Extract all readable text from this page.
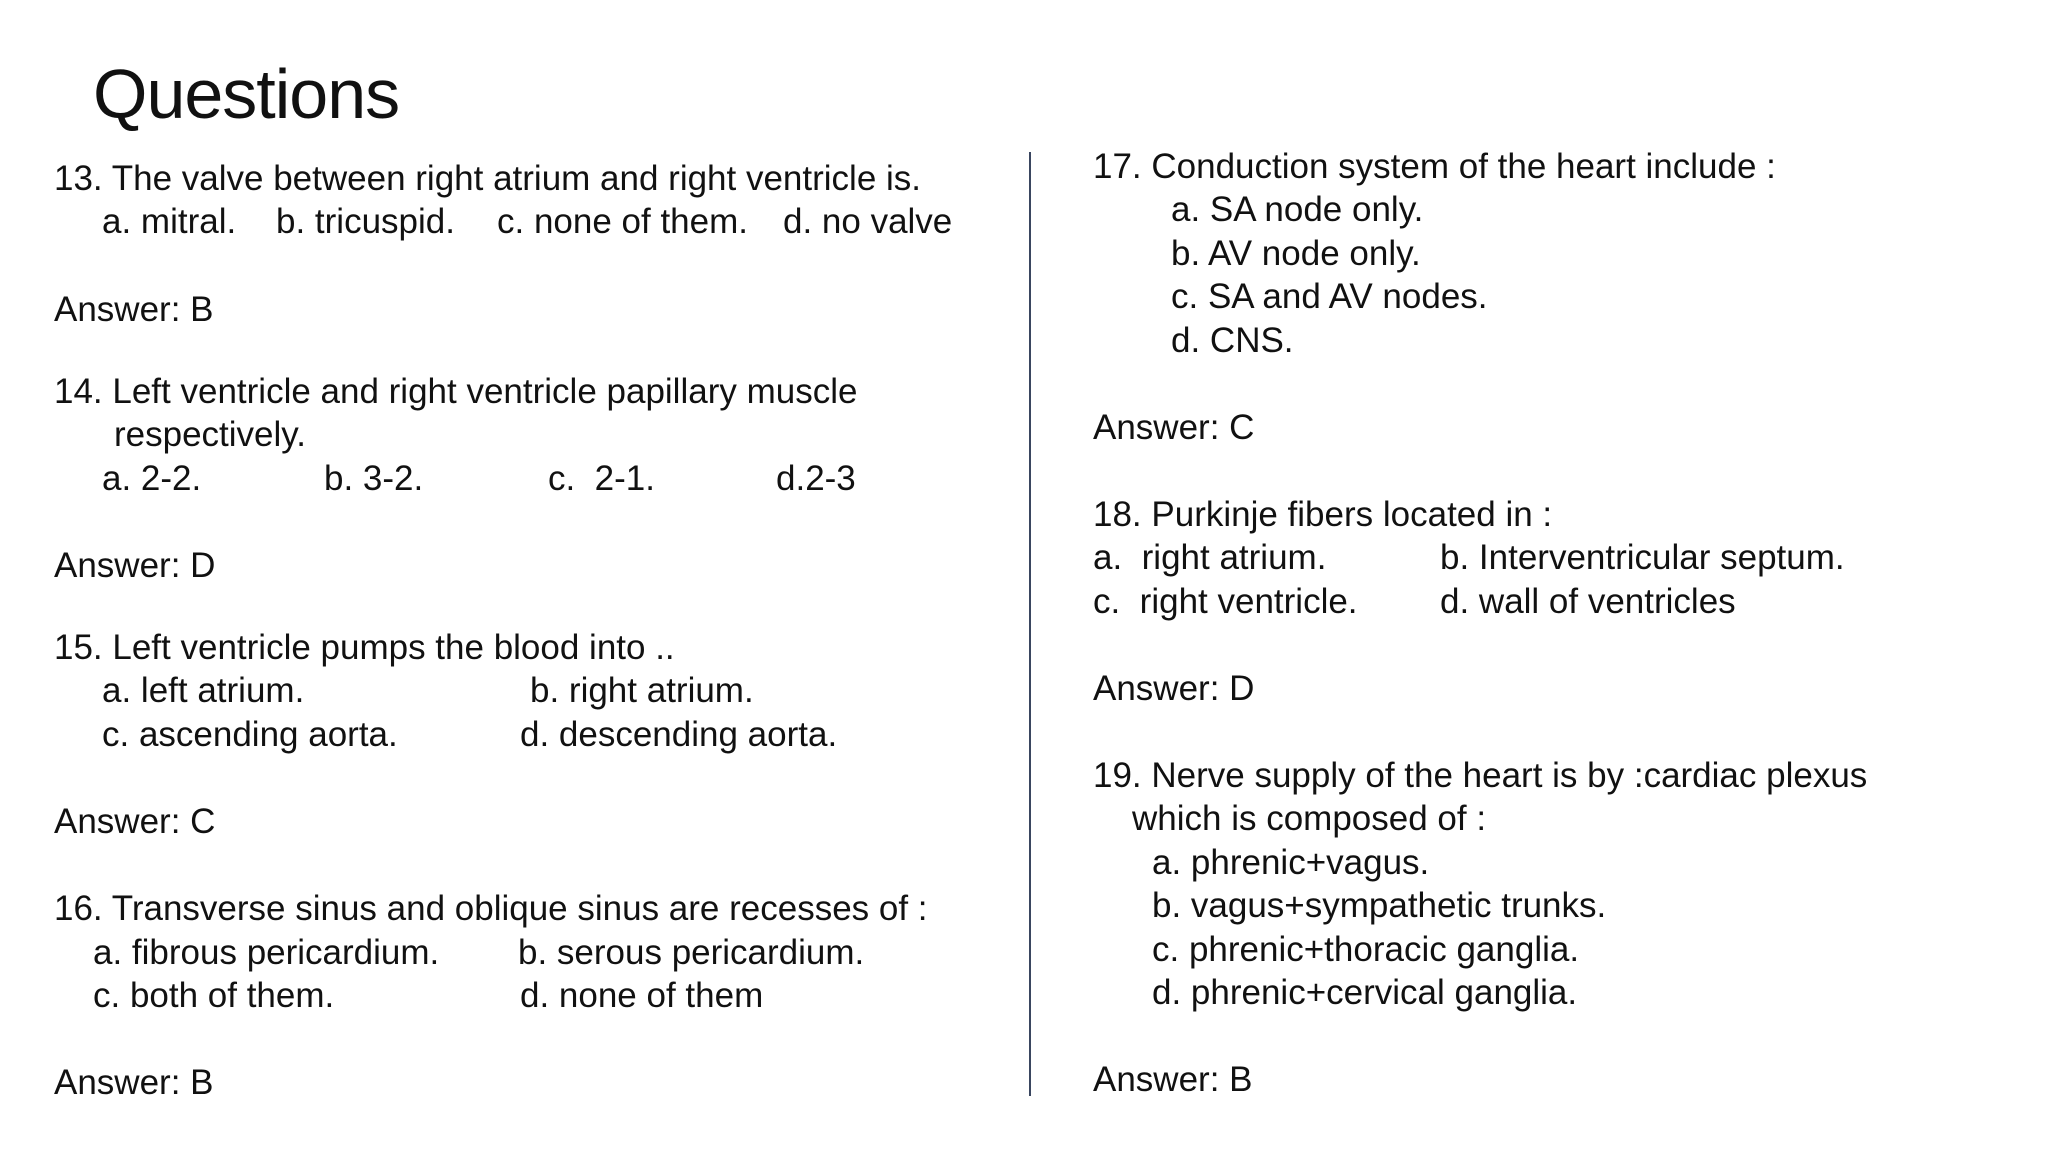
Questions
13. The valve between right atrium and right ventricle is.
a. mitral. b. tricuspid. c. none of them. d. no valve
Answer: B
14. Left ventricle and right ventricle papillary muscle
respectively.
a. 2-2.	b. 3-2.	c.  2-1.	d.2-3
Answer: D
15. Left ventricle pumps the blood into ..
a. left atrium.	b. right atrium.
c. ascending aorta.	d. descending aorta.
Answer: C
16. Transverse sinus and oblique sinus are recesses of :
a. fibrous pericardium. b. serous pericardium.
c. both of them.	d. none of them
Answer: B
17. Conduction system of the heart include :
a. SA node only.
b. AV node only.
c. SA and AV nodes.
d. CNS.
Answer: C
18. Purkinje fibers located in :
a.  right atrium.	b. Interventricular septum.
c.  right ventricle. d. wall of ventricles
Answer: D
19. Nerve supply of the heart is by :cardiac plexus
which is composed of :
a. phrenic+vagus.
b. vagus+sympathetic trunks.
c. phrenic+thoracic ganglia.
d. phrenic+cervical ganglia.
Answer: B
